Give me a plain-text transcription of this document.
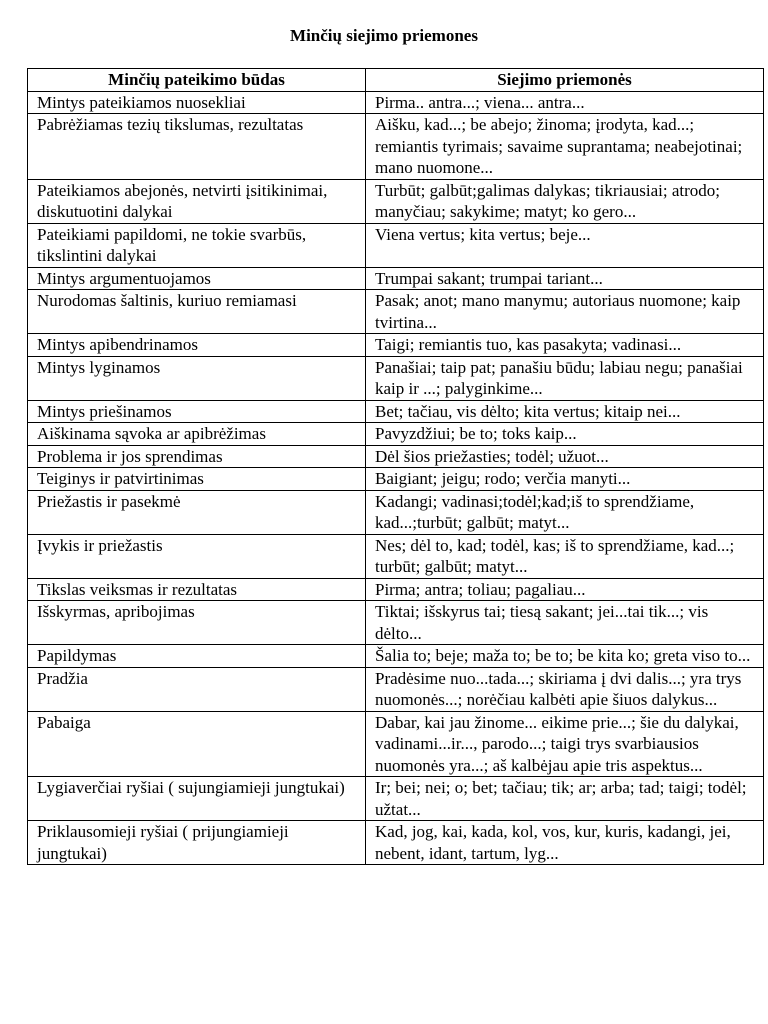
Minčių siejimo priemones
Minčių pateikimo būdas	Siejimo priemonės
Mintys pateikiamos nuosekliai	Pirma.. antra...; viena... antra...
Pabrėžiamas tezių tikslumas, rezultatas	Aišku, kad...; be abejo; žinoma; įrodyta, kad...; remiantis tyrimais; savaime suprantama; neabejotinai; mano nuomone...
Pateikiamos abejonės, netvirti įsitikinimai, diskutuotini dalykai	Turbūt; galbūt;galimas dalykas; tikriausiai; atrodo; manyčiau; sakykime; matyt; ko gero...
Pateikiami papildomi, ne tokie svarbūs, tikslintini dalykai	Viena vertus; kita vertus; beje...
Mintys argumentuojamos	Trumpai sakant; trumpai tariant...
Nurodomas šaltinis, kuriuo remiamasi	Pasak; anot; mano manymu; autoriaus nuomone; kaip tvirtina...
Mintys apibendrinamos	Taigi; remiantis tuo, kas pasakyta; vadinasi...
Mintys lyginamos	Panašiai; taip pat; panašiu būdu; labiau negu; panašiai kaip ir ...; palyginkime...
Mintys priešinamos	Bet; tačiau, vis dėlto; kita vertus; kitaip nei...
Aiškinama sąvoka ar apibrėžimas	Pavyzdžiui; be to; toks kaip...
Problema ir jos sprendimas	Dėl šios priežasties; todėl; užuot...
Teiginys ir patvirtinimas	Baigiant; jeigu; rodo; verčia manyti...
Priežastis ir pasekmė	Kadangi; vadinasi;todėl;kad;iš to sprendžiame, kad...;turbūt; galbūt; matyt...
Įvykis ir priežastis	Nes; dėl to, kad; todėl, kas; iš to sprendžiame, kad...; turbūt; galbūt; matyt...
Tikslas veiksmas ir rezultatas	Pirma; antra; toliau; pagaliau...
Išskyrmas, apribojimas	Tiktai; išskyrus tai; tiesą sakant; jei...tai tik...; vis dėlto...
Papildymas	Šalia to; beje; maža to; be to; be kita ko; greta viso to...
Pradžia	Pradėsime nuo...tada...; skiriama į dvi dalis...; yra trys nuomonės...; norėčiau kalbėti apie šiuos dalykus...
Pabaiga	Dabar, kai jau žinome... eikime prie...; šie du dalykai, vadinami...ir..., parodo...; taigi trys svarbiausios nuomonės yra...; aš kalbėjau apie tris aspektus...
Lygiaverčiai ryšiai ( sujungiamieji jungtukai)	Ir; bei; nei; o; bet; tačiau; tik; ar; arba; tad; taigi; todėl; užtat...
Priklausomieji ryšiai ( prijungiamieji jungtukai)	Kad, jog, kai, kada, kol, vos, kur, kuris, kadangi, jei, nebent, idant, tartum, lyg...
